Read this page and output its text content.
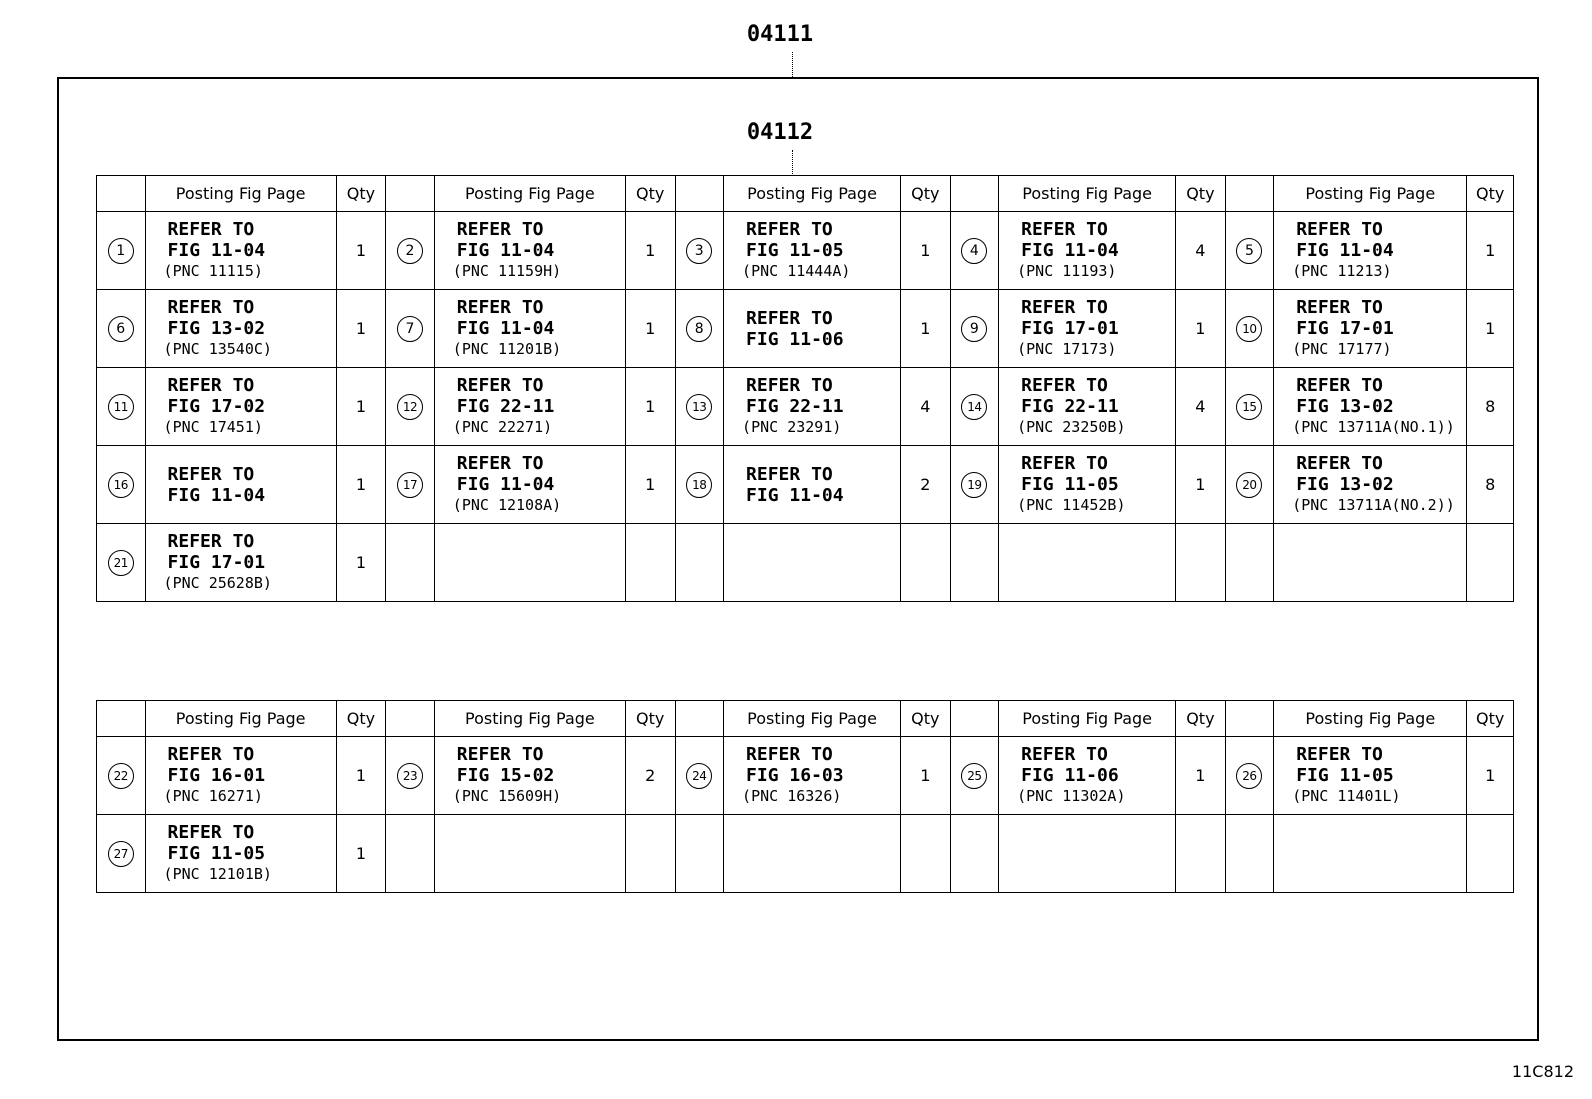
04111
04112
	Posting Fig Page	Qty		Posting Fig Page	Qty		Posting Fig Page	Qty		Posting Fig Page	Qty		Posting Fig Page	Qty
1	REFER TO
FIG 11-04
(PNC 11115)	1	2	REFER TO
FIG 11-04
(PNC 11159H)	1	3	REFER TO
FIG 11-05
(PNC 11444A)	1	4	REFER TO
FIG 11-04
(PNC 11193)	4	5	REFER TO
FIG 11-04
(PNC 11213)	1
6	REFER TO
FIG 13-02
(PNC 13540C)	1	7	REFER TO
FIG 11-04
(PNC 11201B)	1	8	REFER TO
FIG 11-06	1	9	REFER TO
FIG 17-01
(PNC 17173)	1	10	REFER TO
FIG 17-01
(PNC 17177)	1
11	REFER TO
FIG 17-02
(PNC 17451)	1	12	REFER TO
FIG 22-11
(PNC 22271)	1	13	REFER TO
FIG 22-11
(PNC 23291)	4	14	REFER TO
FIG 22-11
(PNC 23250B)	4	15	REFER TO
FIG 13-02
(PNC 13711A(NO.1))	8
16	REFER TO
FIG 11-04	1	17	REFER TO
FIG 11-04
(PNC 12108A)	1	18	REFER TO
FIG 11-04	2	19	REFER TO
FIG 11-05
(PNC 11452B)	1	20	REFER TO
FIG 13-02
(PNC 13711A(NO.2))	8
21	REFER TO
FIG 17-01
(PNC 25628B)	1												
	Posting Fig Page	Qty		Posting Fig Page	Qty		Posting Fig Page	Qty		Posting Fig Page	Qty		Posting Fig Page	Qty
22	REFER TO
FIG 16-01
(PNC 16271)	1	23	REFER TO
FIG 15-02
(PNC 15609H)	2	24	REFER TO
FIG 16-03
(PNC 16326)	1	25	REFER TO
FIG 11-06
(PNC 11302A)	1	26	REFER TO
FIG 11-05
(PNC 11401L)	1
27	REFER TO
FIG 11-05
(PNC 12101B)	1												
11C812
